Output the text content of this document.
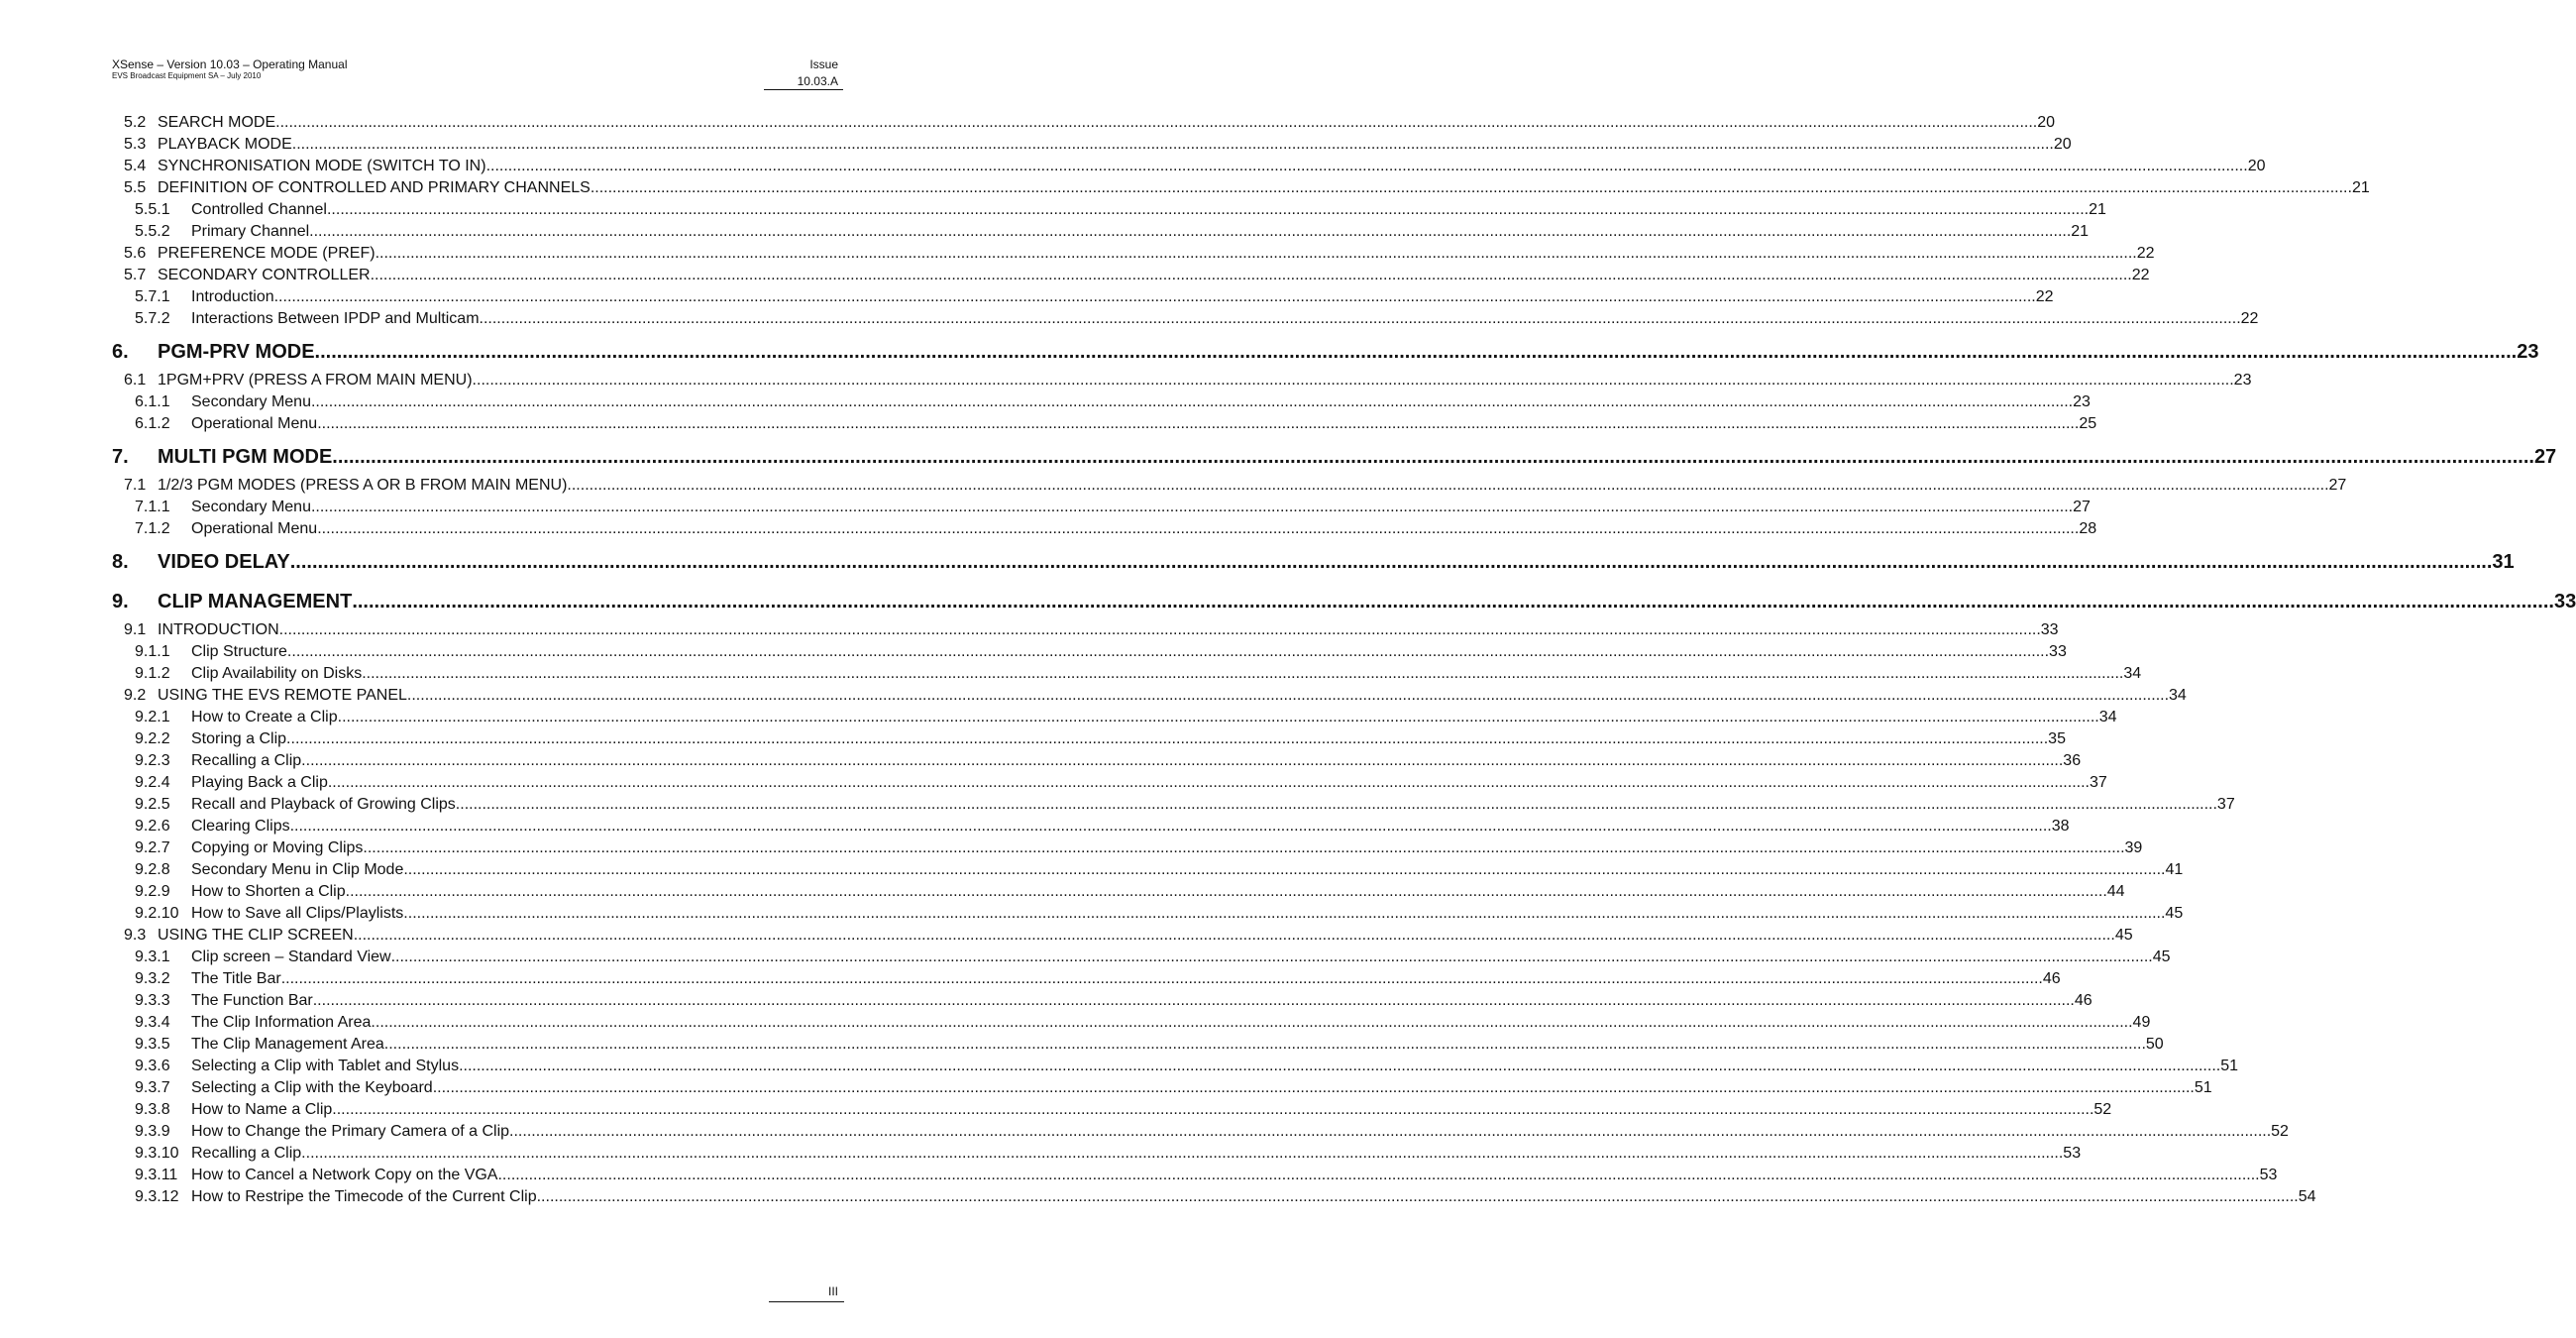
XSense – Version 10.03 – Operating Manual
EVS Broadcast Equipment SA – July 2010
Issue
10.03.A
5.2 SEARCH MODE ................................................................................................................................................................................................................................................................................................................................................................................................................ 20
5.3 PLAYBACK MODE ................................................................................................................................................................................................................................................................................................................................................................................................................ 20
5.4 SYNCHRONISATION MODE (SWITCH TO IN) ................................................................................................................................................................................................................................................................................................................................................................................................................ 20
5.5 DEFINITION OF CONTROLLED AND PRIMARY CHANNELS ................................................................................................................................................................................................................................................................................................................................................................................................................ 21
5.5.1 Controlled Channel ................................................................................................................................................................................................................................................................................................................................................................................................................ 21
5.5.2 Primary Channel ................................................................................................................................................................................................................................................................................................................................................................................................................ 21
5.6 PREFERENCE MODE (PREF) ................................................................................................................................................................................................................................................................................................................................................................................................................ 22
5.7 SECONDARY CONTROLLER ................................................................................................................................................................................................................................................................................................................................................................................................................ 22
5.7.1 Introduction ................................................................................................................................................................................................................................................................................................................................................................................................................ 22
5.7.2 Interactions Between IPDP and Multicam ................................................................................................................................................................................................................................................................................................................................................................................................................ 22
6. PGM-PRV MODE ................................................................................................................................................................................................................................................................................................................................................................................................................ 23
6.1 1PGM+PRV (PRESS A FROM MAIN MENU) ................................................................................................................................................................................................................................................................................................................................................................................................................ 23
6.1.1 Secondary Menu ................................................................................................................................................................................................................................................................................................................................................................................................................ 23
6.1.2 Operational Menu ................................................................................................................................................................................................................................................................................................................................................................................................................ 25
7. MULTI PGM MODE ................................................................................................................................................................................................................................................................................................................................................................................................................ 27
7.1 1/2/3 PGM MODES (PRESS A OR B FROM MAIN MENU) ................................................................................................................................................................................................................................................................................................................................................................................................................ 27
7.1.1 Secondary Menu ................................................................................................................................................................................................................................................................................................................................................................................................................ 27
7.1.2 Operational Menu ................................................................................................................................................................................................................................................................................................................................................................................................................ 28
8. VIDEO DELAY ................................................................................................................................................................................................................................................................................................................................................................................................................ 31
9. CLIP MANAGEMENT ................................................................................................................................................................................................................................................................................................................................................................................................................ 33
9.1 INTRODUCTION ................................................................................................................................................................................................................................................................................................................................................................................................................ 33
9.1.1 Clip Structure ................................................................................................................................................................................................................................................................................................................................................................................................................ 33
9.1.2 Clip Availability on Disks ................................................................................................................................................................................................................................................................................................................................................................................................................ 34
9.2 USING THE EVS REMOTE PANEL ................................................................................................................................................................................................................................................................................................................................................................................................................ 34
9.2.1 How to Create a Clip ................................................................................................................................................................................................................................................................................................................................................................................................................ 34
9.2.2 Storing a Clip ................................................................................................................................................................................................................................................................................................................................................................................................................ 35
9.2.3 Recalling a Clip ................................................................................................................................................................................................................................................................................................................................................................................................................ 36
9.2.4 Playing Back a Clip ................................................................................................................................................................................................................................................................................................................................................................................................................ 37
9.2.5 Recall and Playback of Growing Clips ................................................................................................................................................................................................................................................................................................................................................................................................................ 37
9.2.6 Clearing Clips ................................................................................................................................................................................................................................................................................................................................................................................................................ 38
9.2.7 Copying or Moving Clips ................................................................................................................................................................................................................................................................................................................................................................................................................ 39
9.2.8 Secondary Menu in Clip Mode ................................................................................................................................................................................................................................................................................................................................................................................................................ 41
9.2.9 How to Shorten a Clip ................................................................................................................................................................................................................................................................................................................................................................................................................ 44
9.2.10 How to Save all Clips/Playlists ................................................................................................................................................................................................................................................................................................................................................................................................................ 45
9.3 USING THE CLIP SCREEN ................................................................................................................................................................................................................................................................................................................................................................................................................ 45
9.3.1 Clip screen – Standard View ................................................................................................................................................................................................................................................................................................................................................................................................................ 45
9.3.2 The Title Bar ................................................................................................................................................................................................................................................................................................................................................................................................................ 46
9.3.3 The Function Bar ................................................................................................................................................................................................................................................................................................................................................................................................................ 46
9.3.4 The Clip Information Area ................................................................................................................................................................................................................................................................................................................................................................................................................ 49
9.3.5 The Clip Management Area ................................................................................................................................................................................................................................................................................................................................................................................................................ 50
9.3.6 Selecting a Clip with Tablet and Stylus ................................................................................................................................................................................................................................................................................................................................................................................................................ 51
9.3.7 Selecting a Clip with the Keyboard ................................................................................................................................................................................................................................................................................................................................................................................................................ 51
9.3.8 How to Name a Clip ................................................................................................................................................................................................................................................................................................................................................................................................................ 52
9.3.9 How to Change the Primary Camera of a Clip ................................................................................................................................................................................................................................................................................................................................................................................................................ 52
9.3.10 Recalling a Clip ................................................................................................................................................................................................................................................................................................................................................................................................................ 53
9.3.11 How to Cancel a Network Copy on the VGA ................................................................................................................................................................................................................................................................................................................................................................................................................ 53
9.3.12 How to Restripe the Timecode of the Current Clip ................................................................................................................................................................................................................................................................................................................................................................................................................ 54
III
